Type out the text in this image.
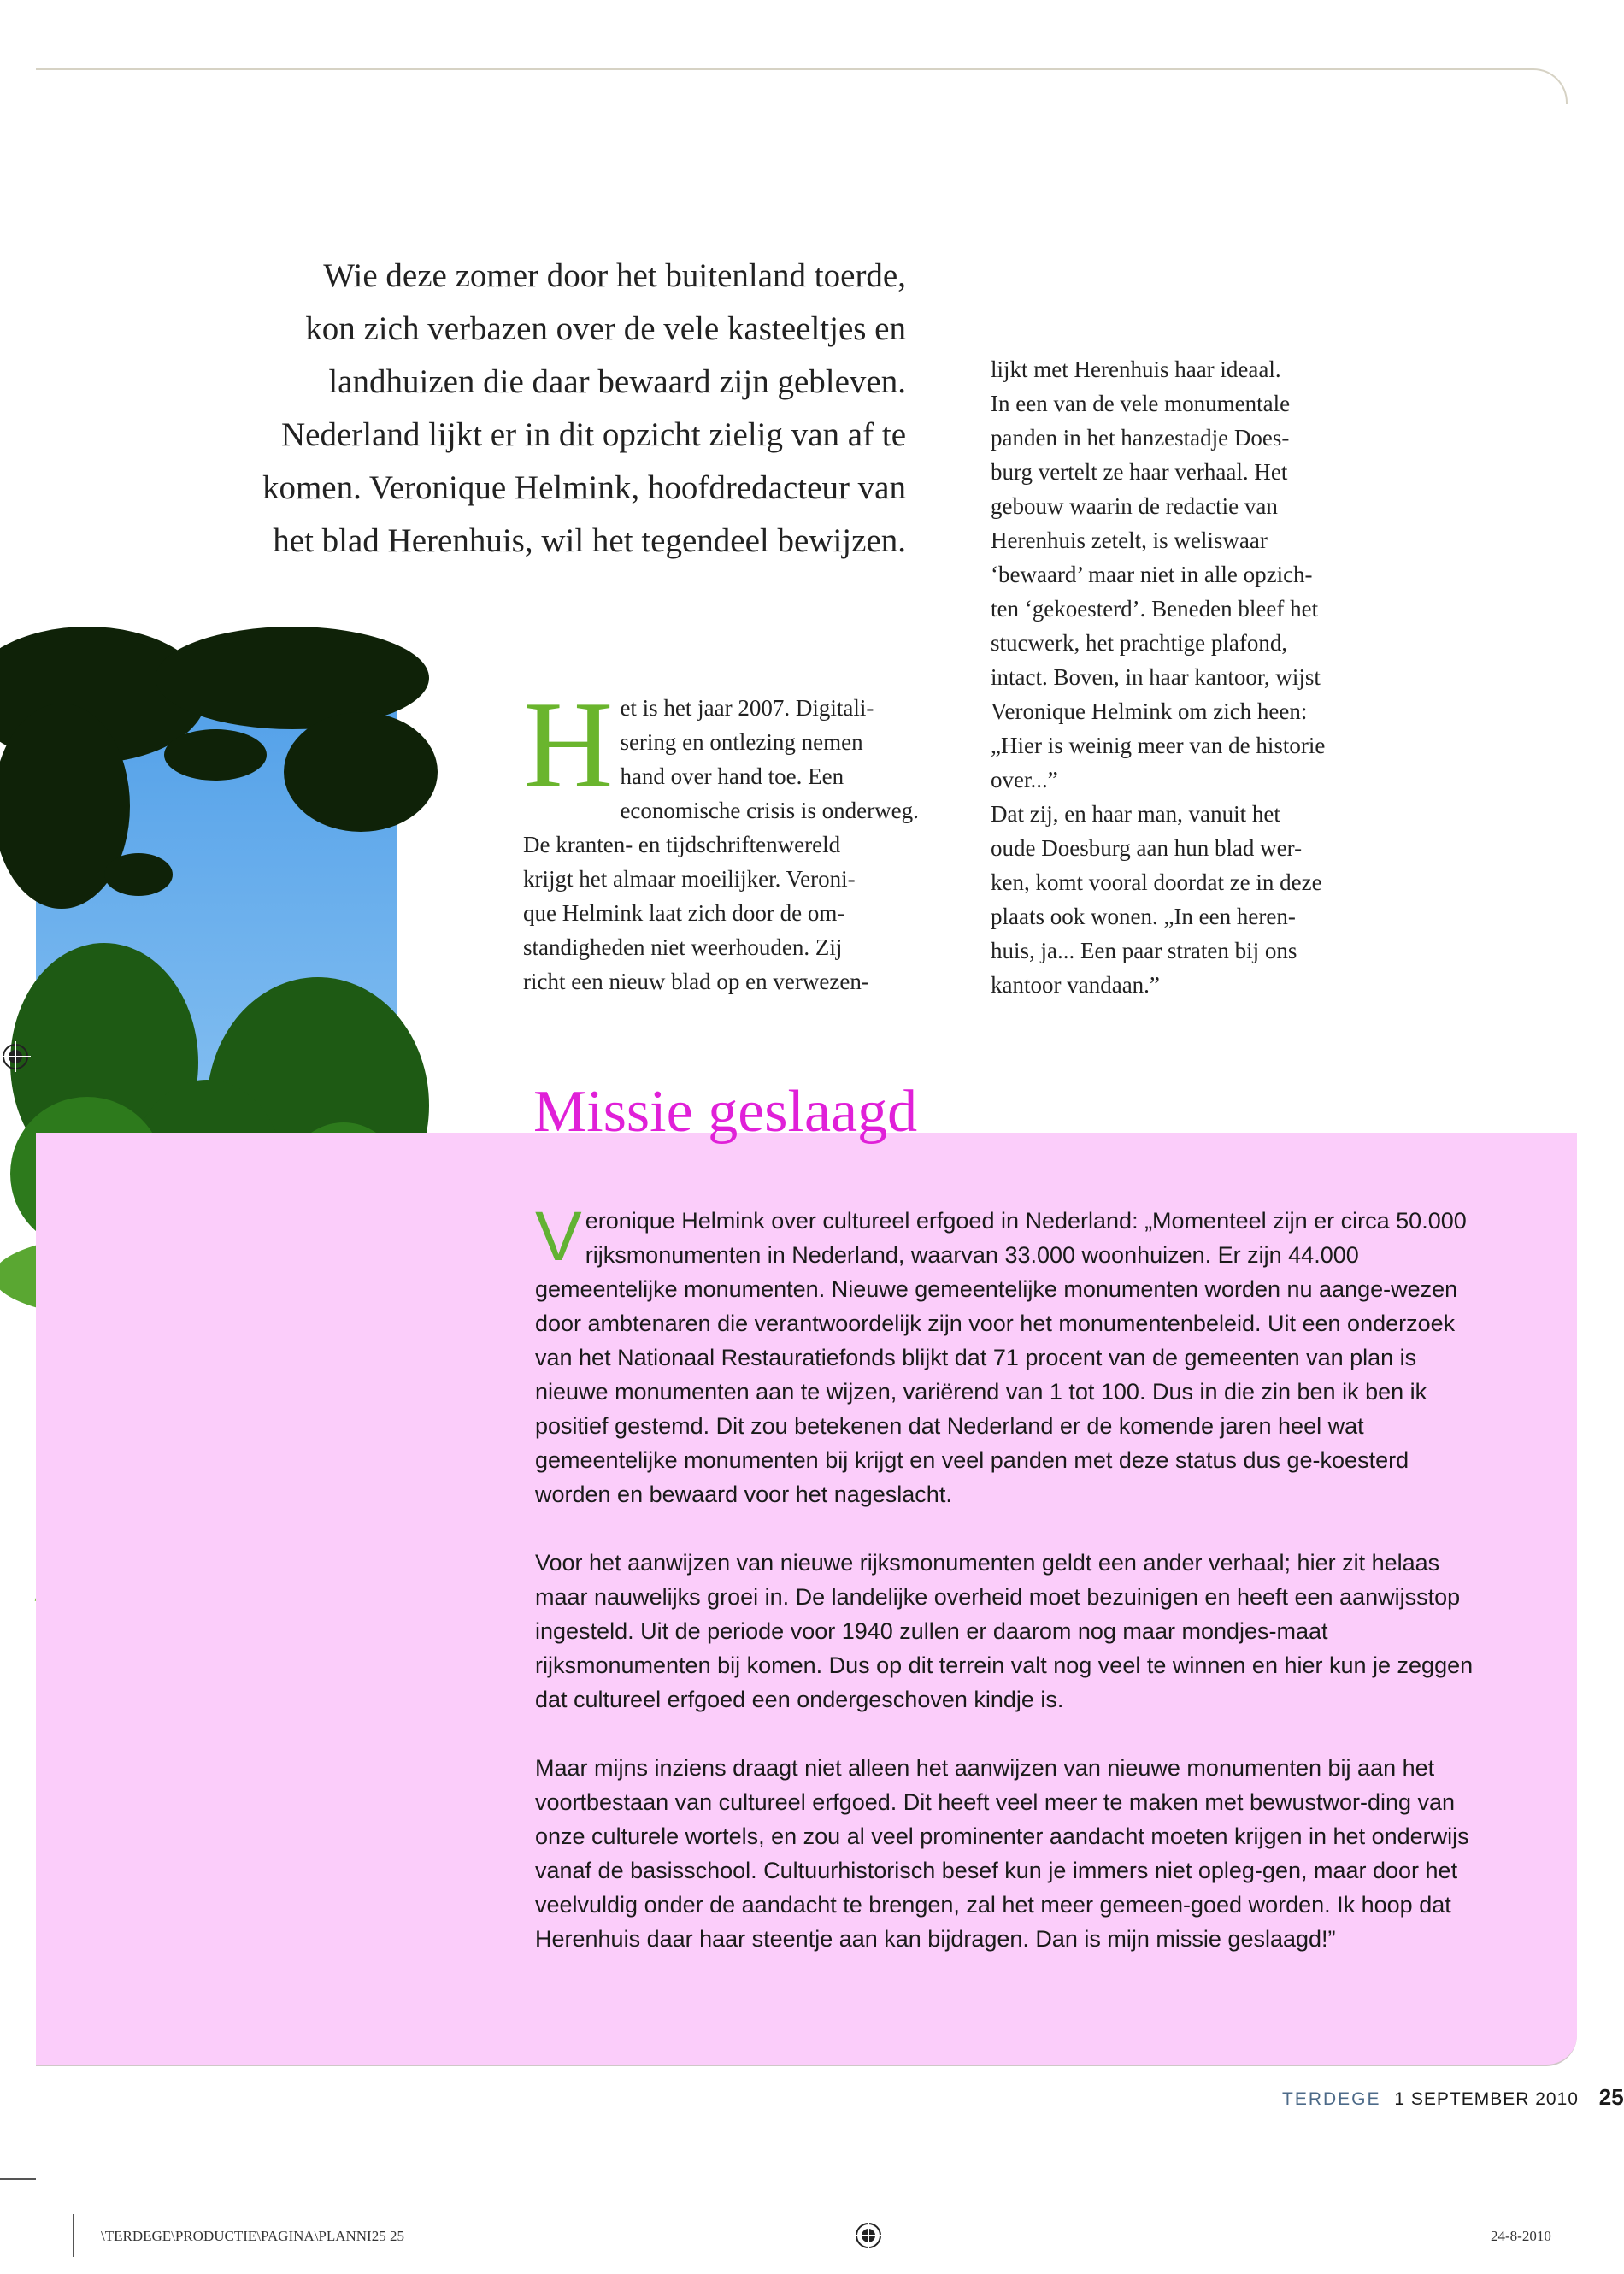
Wie deze zomer door het buitenland toerde,

kon zich verbazen over de vele kasteeltjes en

landhuizen die daar bewaard zijn gebleven.

Nederland lijkt er in dit opzicht zielig van af te

komen. Veronique Helmink, hoofdredacteur van

het blad Herenhuis, wil het tegendeel bewijzen.

H et is het jaar 2007. Digitali-

sering en ontlezing nemen

hand over hand toe. Een

economische crisis is onderweg.

De kranten- en tijdschriftenwereld

krijgt het almaar moeilijker. Veroni-

que Helmink laat zich door de om-

standigheden niet weerhouden. Zij

richt een nieuw blad op en verwezen-

lijkt met Herenhuis haar ideaal.

In een van de vele monumentale

panden in het hanzestadje Does-

burg vertelt ze haar verhaal. Het

gebouw waarin de redactie van

Herenhuis zetelt, is weliswaar

‘bewaard’ maar niet in alle opzich-

ten ‘gekoesterd’. Beneden bleef het

stucwerk, het prachtige plafond,

intact. Boven, in haar kantoor, wijst

Veronique Helmink om zich heen:

„Hier is weinig meer van de historie

over...”

Dat zij, en haar man, vanuit het

oude Doesburg aan hun blad wer-

ken, komt vooral doordat ze in deze

plaats ook wonen. „In een heren-

huis, ja... Een paar straten bij ons

kantoor vandaan.”

Missie geslaagd

Veronique Helmink over cultureel erfgoed in Nederland: „Momenteel zijn er circa 50.000 rijksmonumenten in Nederland, waarvan 33.000 woonhuizen. Er zijn 44.000 gemeentelijke monumenten. Nieuwe gemeentelijke monumenten worden nu aange-wezen door ambtenaren die verantwoordelijk zijn voor het monumentenbeleid. Uit een onderzoek van het Nationaal Restauratiefonds blijkt dat 71 procent van de gemeenten van plan is nieuwe monumenten aan te wijzen, variërend van 1 tot 100. Dus in die zin ben ik ben ik positief gestemd. Dit zou betekenen dat Nederland er de komende jaren heel wat gemeentelijke monumenten bij krijgt en veel panden met deze status dus ge-koesterd worden en bewaard voor het nageslacht.

Voor het aanwijzen van nieuwe rijksmonumenten geldt een ander verhaal; hier zit helaas maar nauwelijks groei in. De landelijke overheid moet bezuinigen en heeft een aanwijsstop ingesteld. Uit de periode voor 1940 zullen er daarom nog maar mondjes-maat rijksmonumenten bij komen. Dus op dit terrein valt nog veel te winnen en hier kun je zeggen dat cultureel erfgoed een ondergeschoven kindje is.

Maar mijns inziens draagt niet alleen het aanwijzen van nieuwe monumenten bij aan het voortbestaan van cultureel erfgoed. Dit heeft veel meer te maken met bewustwor-ding van onze culturele wortels, en zou al veel prominenter aandacht moeten krijgen in het onderwijs vanaf de basisschool. Cultuurhistorisch besef kun je immers niet opleg-gen, maar door het veelvuldig onder de aandacht te brengen, zal het meer gemeen-goed worden. Ik hoop dat Herenhuis daar haar steentje aan kan bijdragen. Dan is mijn missie geslaagd!”

TERDEGE 1 SEPTEMBER 2010 25
\TERDEGE\PRODUCTIE\PAGINA\PLANNI25 25	24-8-2010
